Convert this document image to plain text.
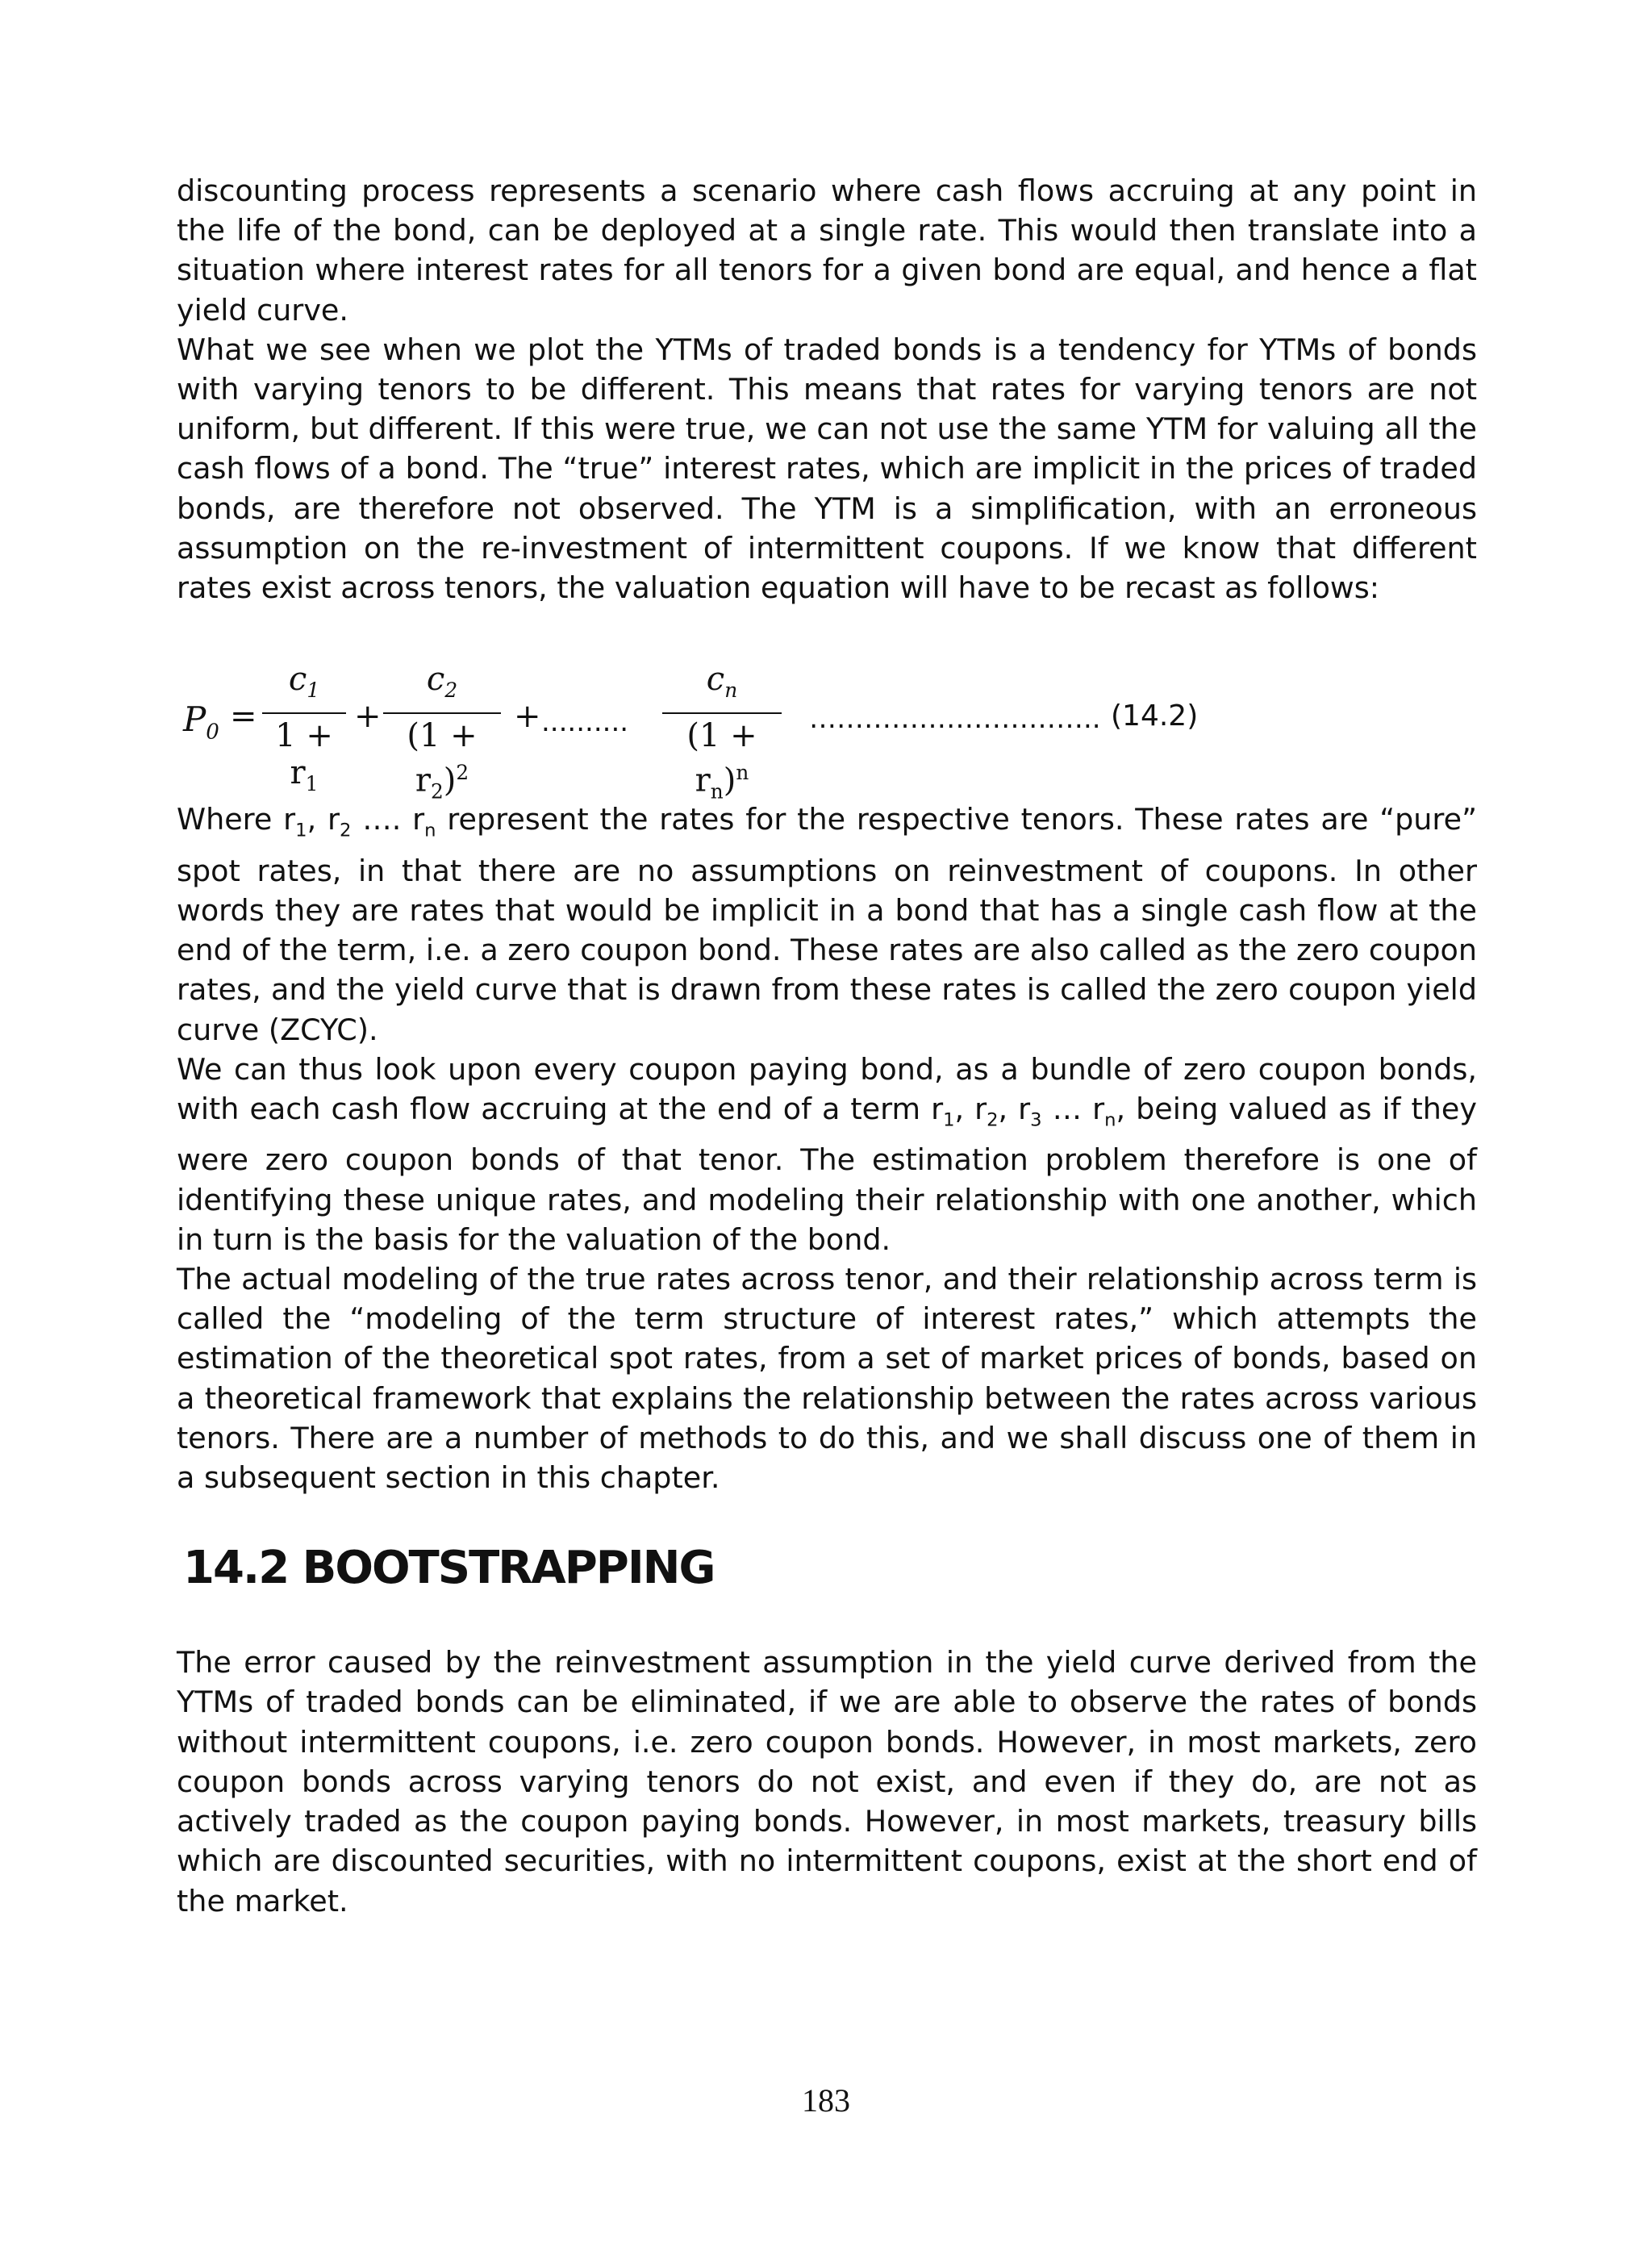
discounting process represents a scenario where cash flows accruing at any point in the life of the bond, can be deployed at a single rate. This would then translate into a situation where interest rates for all tenors for a given bond are equal, and hence a flat yield curve.

What we see when we plot the YTMs of traded bonds is a tendency for YTMs of bonds with varying tenors to be different. This means that rates for varying tenors are not uniform, but different. If this were true, we can not use the same YTM for valuing all the cash flows of a bond. The “true” interest rates, which are implicit in the prices of traded bonds, are therefore not observed. The YTM is a simplification, with an erroneous assumption on the re-investment of intermittent coupons. If we know that different rates exist across tenors, the valuation equation will have to be recast as follows:

$P_0$ =
$c_1$
$1 + r_1$
+
$c_2$
$(1 + r_2)^2$
+ ..........
$c_n$
$(1 + r_n)^n$
………………………….. (14.2)

Where $r_1$, $r_2$ …. $r_n$ represent the rates for the respective tenors. These rates are “pure” spot rates, in that there are no assumptions on reinvestment of coupons. In other words they are rates that would be implicit in a bond that has a single cash flow at the end of the term, i.e. a zero coupon bond. These rates are also called as the zero coupon rates, and the yield curve that is drawn from these rates is called the zero coupon yield curve (ZCYC).

We can thus look upon every coupon paying bond, as a bundle of zero coupon bonds, with each cash flow accruing at the end of a term $r_1$, $r_2$, $r_3$ … $r_n$, being valued as if they were zero coupon bonds of that tenor. The estimation problem therefore is one of identifying these unique rates, and modeling their relationship with one another, which in turn is the basis for the valuation of the bond.

The actual modeling of the true rates across tenor, and their relationship across term is called the “modeling of the term structure of interest rates,” which attempts the estimation of the theoretical spot rates, from a set of market prices of bonds, based on a theoretical framework that explains the relationship between the rates across various tenors. There are a number of methods to do this, and we shall discuss one of them in a subsequent section in this chapter.

14.2 BOOTSTRAPPING

The error caused by the reinvestment assumption in the yield curve derived from the YTMs of traded bonds can be eliminated, if we are able to observe the rates of bonds without intermittent coupons, i.e. zero coupon bonds. However, in most markets, zero coupon bonds across varying tenors do not exist, and even if they do, are not as actively traded as the coupon paying bonds. However, in most markets, treasury bills which are discounted securities, with no intermittent coupons, exist at the short end of the market.

183
